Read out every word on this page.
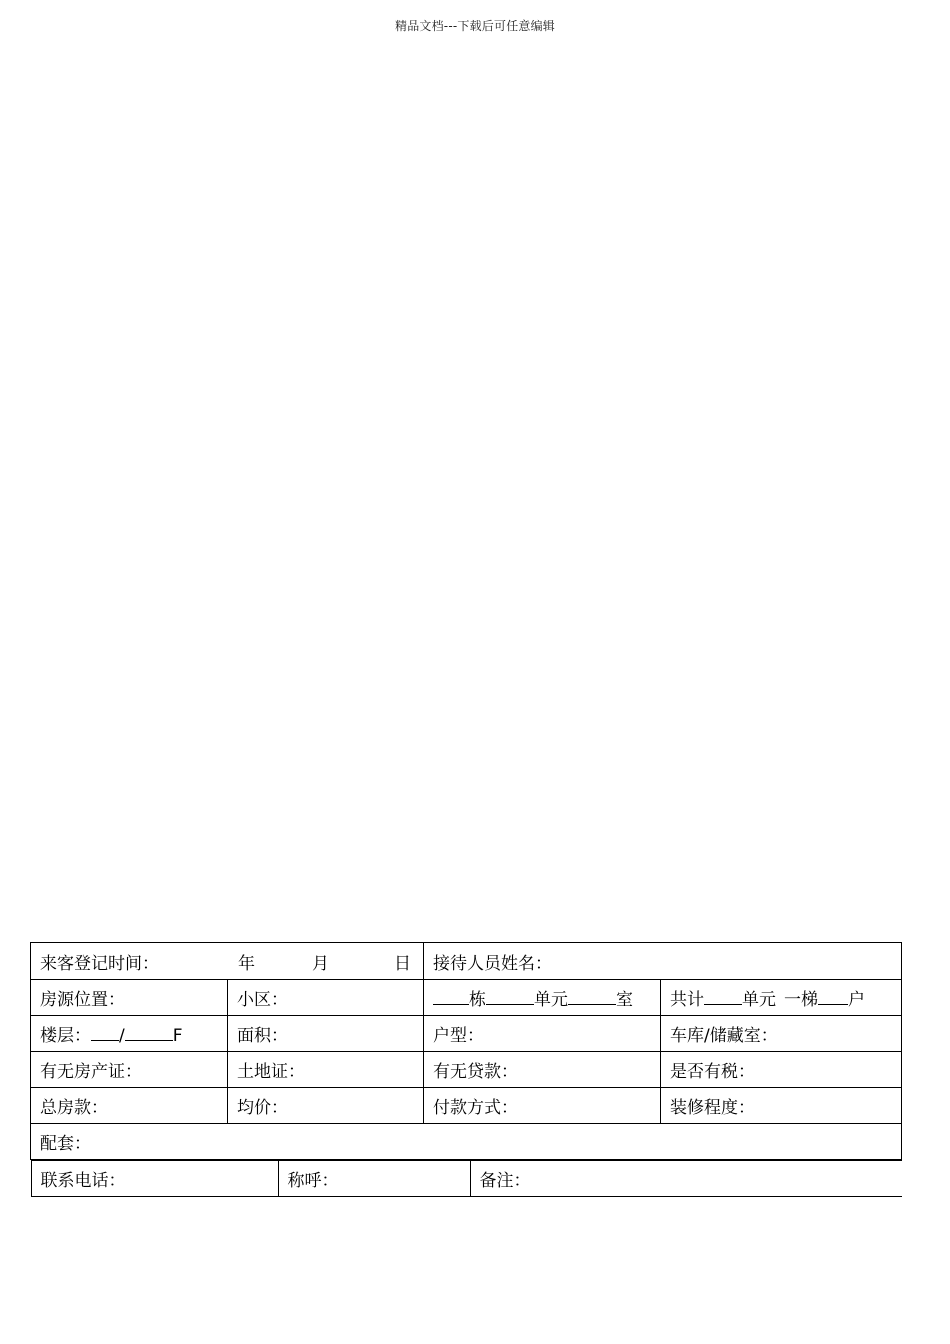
精品文档---下载后可任意编辑
来客登记时间：	年	月	日	接待人员姓名：
房源位置：	小区：	栋	单元	室	共计 单元 一梯 户
楼层： /	F	面积：	户型：	车库/储藏室：
有无房产证：	土地证：	有无贷款：	是否有税：
总房款：	均价：	付款方式：	装修程度：
配套：

联系电话：	称呼：	备注：
